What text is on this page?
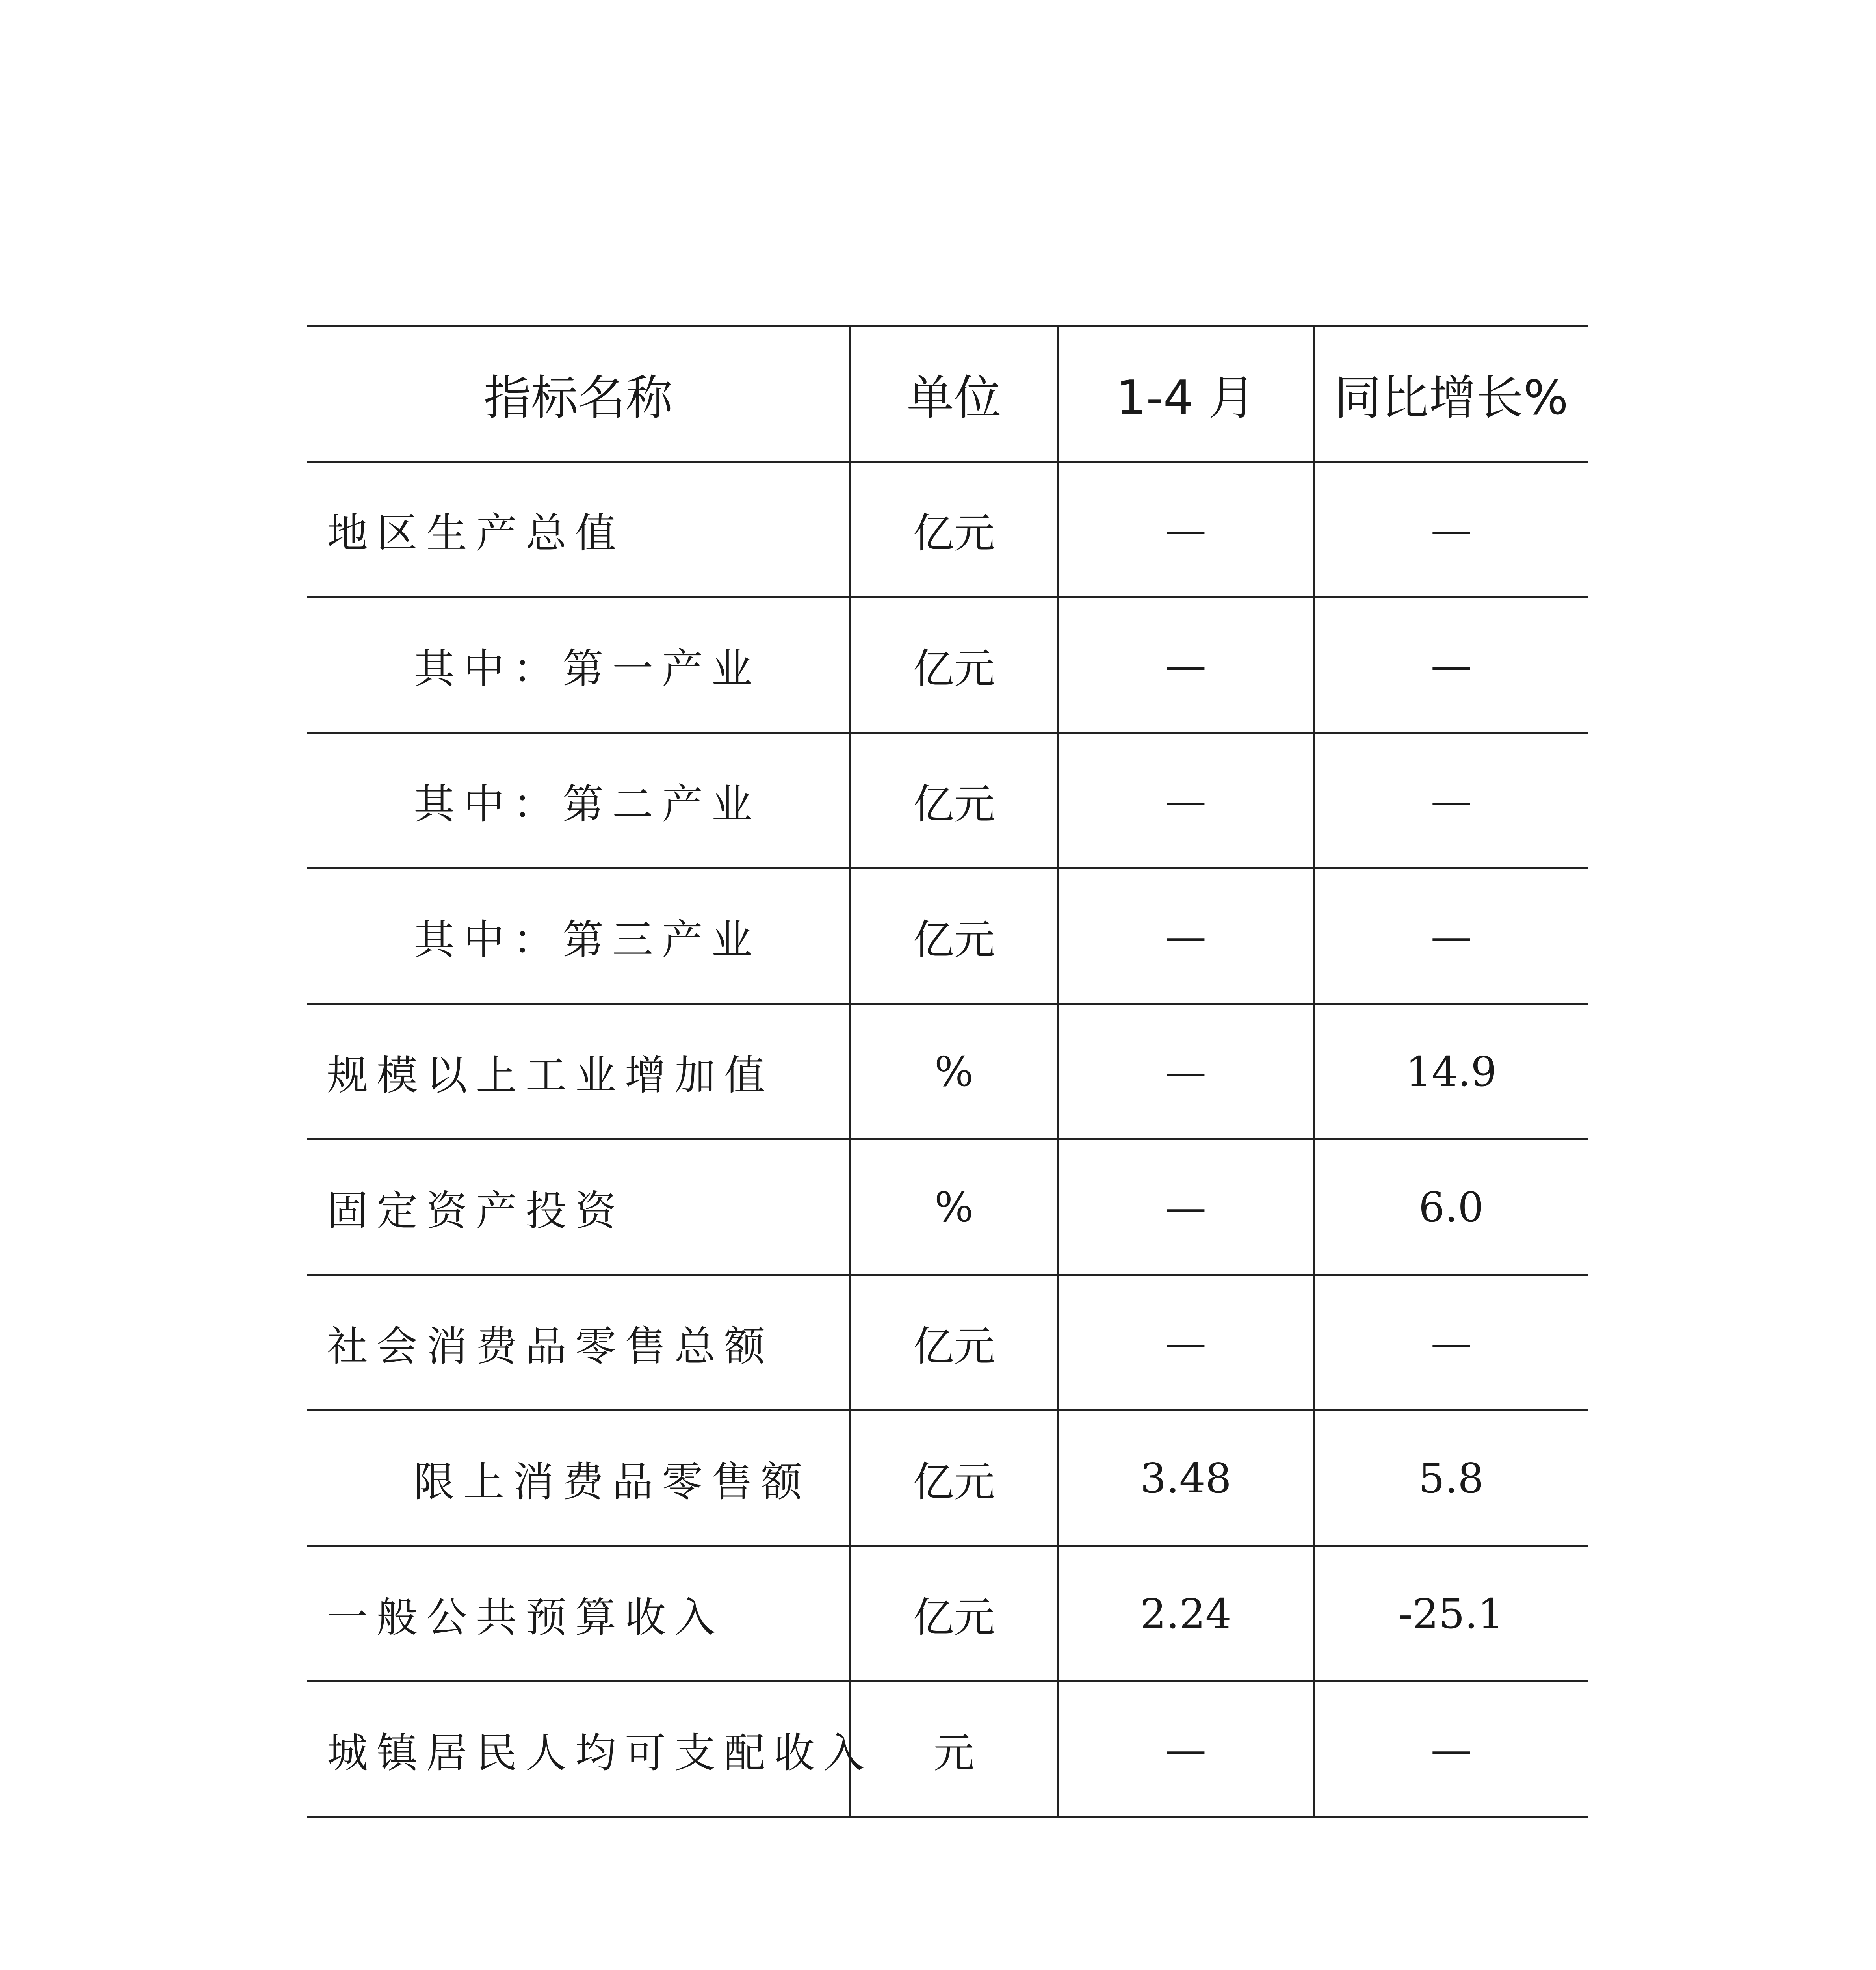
指标名称	单位	1-4 月	同比增长%
地区生产总值	亿元	—	—
其中：第一产业	亿元	—	—
其中：第二产业	亿元	—	—
其中：第三产业	亿元	—	—
规模以上工业增加值	%	—	14.9
固定资产投资	%	—	6.0
社会消费品零售总额	亿元	—	—
限上消费品零售额	亿元	3.48	5.8
一般公共预算收入	亿元	2.24	-25.1
城镇居民人均可支配收入	元	—	—
